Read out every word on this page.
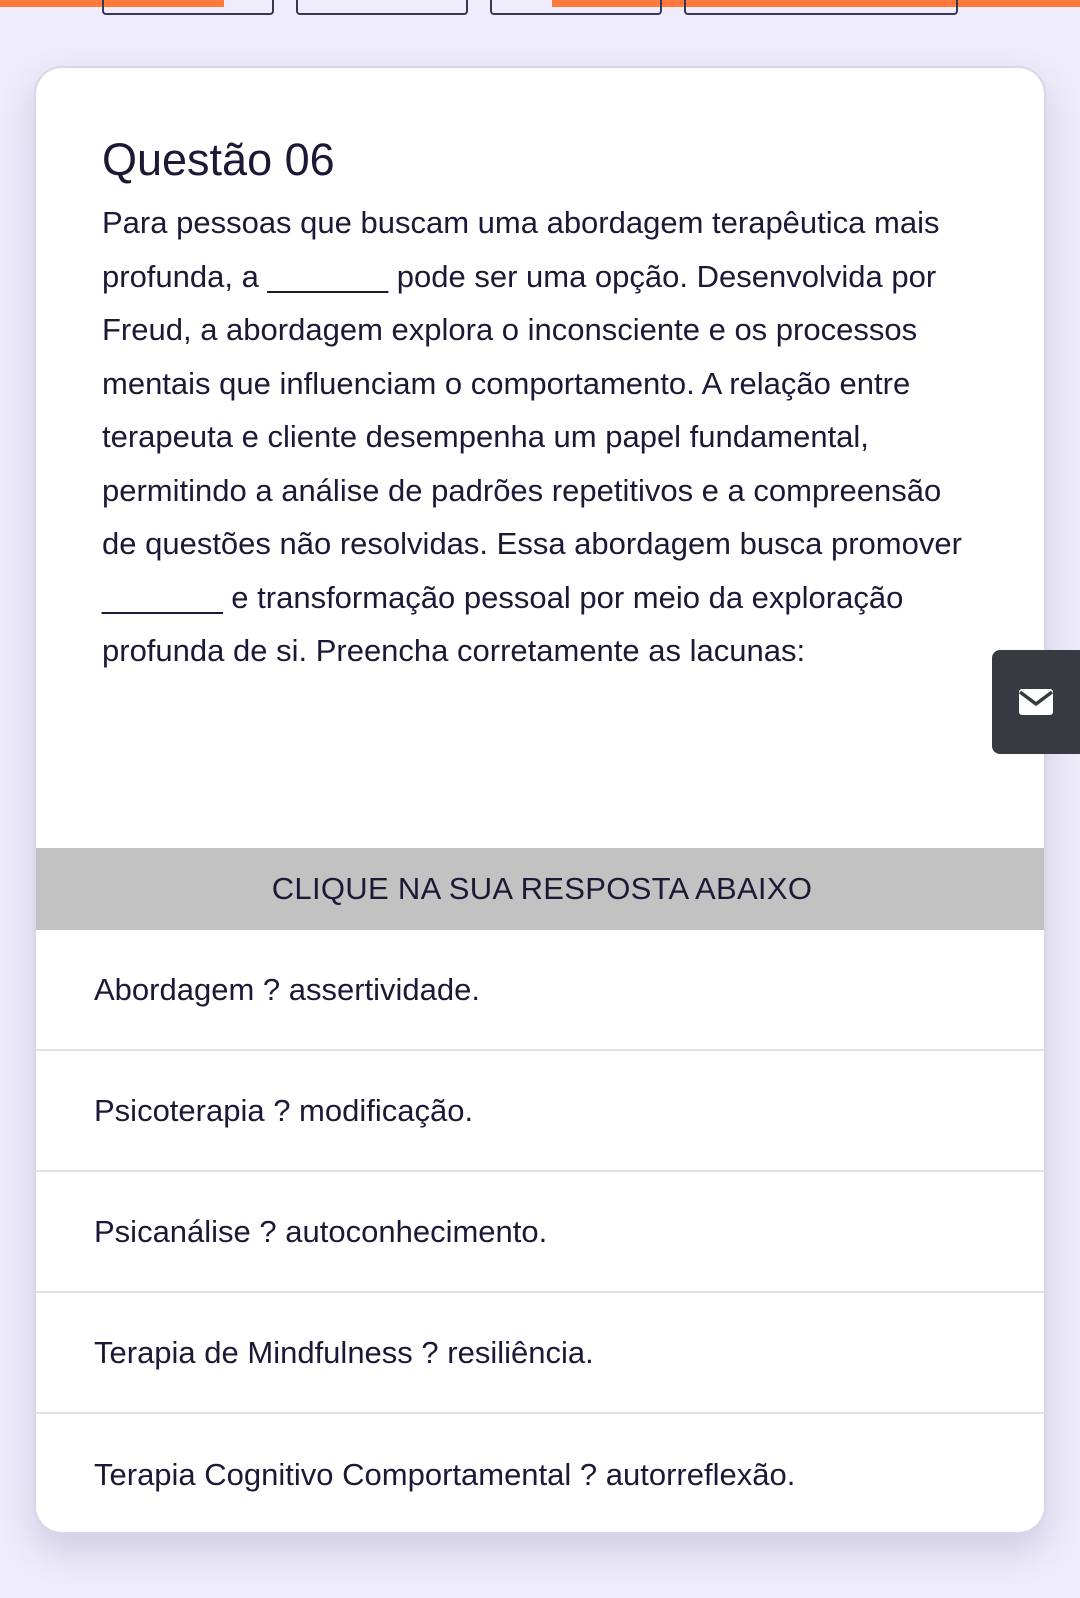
Questão 06
Para pessoas que buscam uma abordagem terapêutica mais profunda, a _______ pode ser uma opção. Desenvolvida por Freud, a abordagem explora o inconsciente e os processos mentais que influenciam o comportamento. A relação entre terapeuta e cliente desempenha um papel fundamental, permitindo a análise de padrões repetitivos e a compreensão de questões não resolvidas. Essa abordagem busca promover _______ e transformação pessoal por meio da exploração profunda de si. Preencha corretamente as lacunas:
CLIQUE NA SUA RESPOSTA ABAIXO
Abordagem ? assertividade.
Psicoterapia ? modificação.
Psicanálise ? autoconhecimento.
Terapia de Mindfulness ? resiliência.
Terapia Cognitivo Comportamental ? autorreflexão.
